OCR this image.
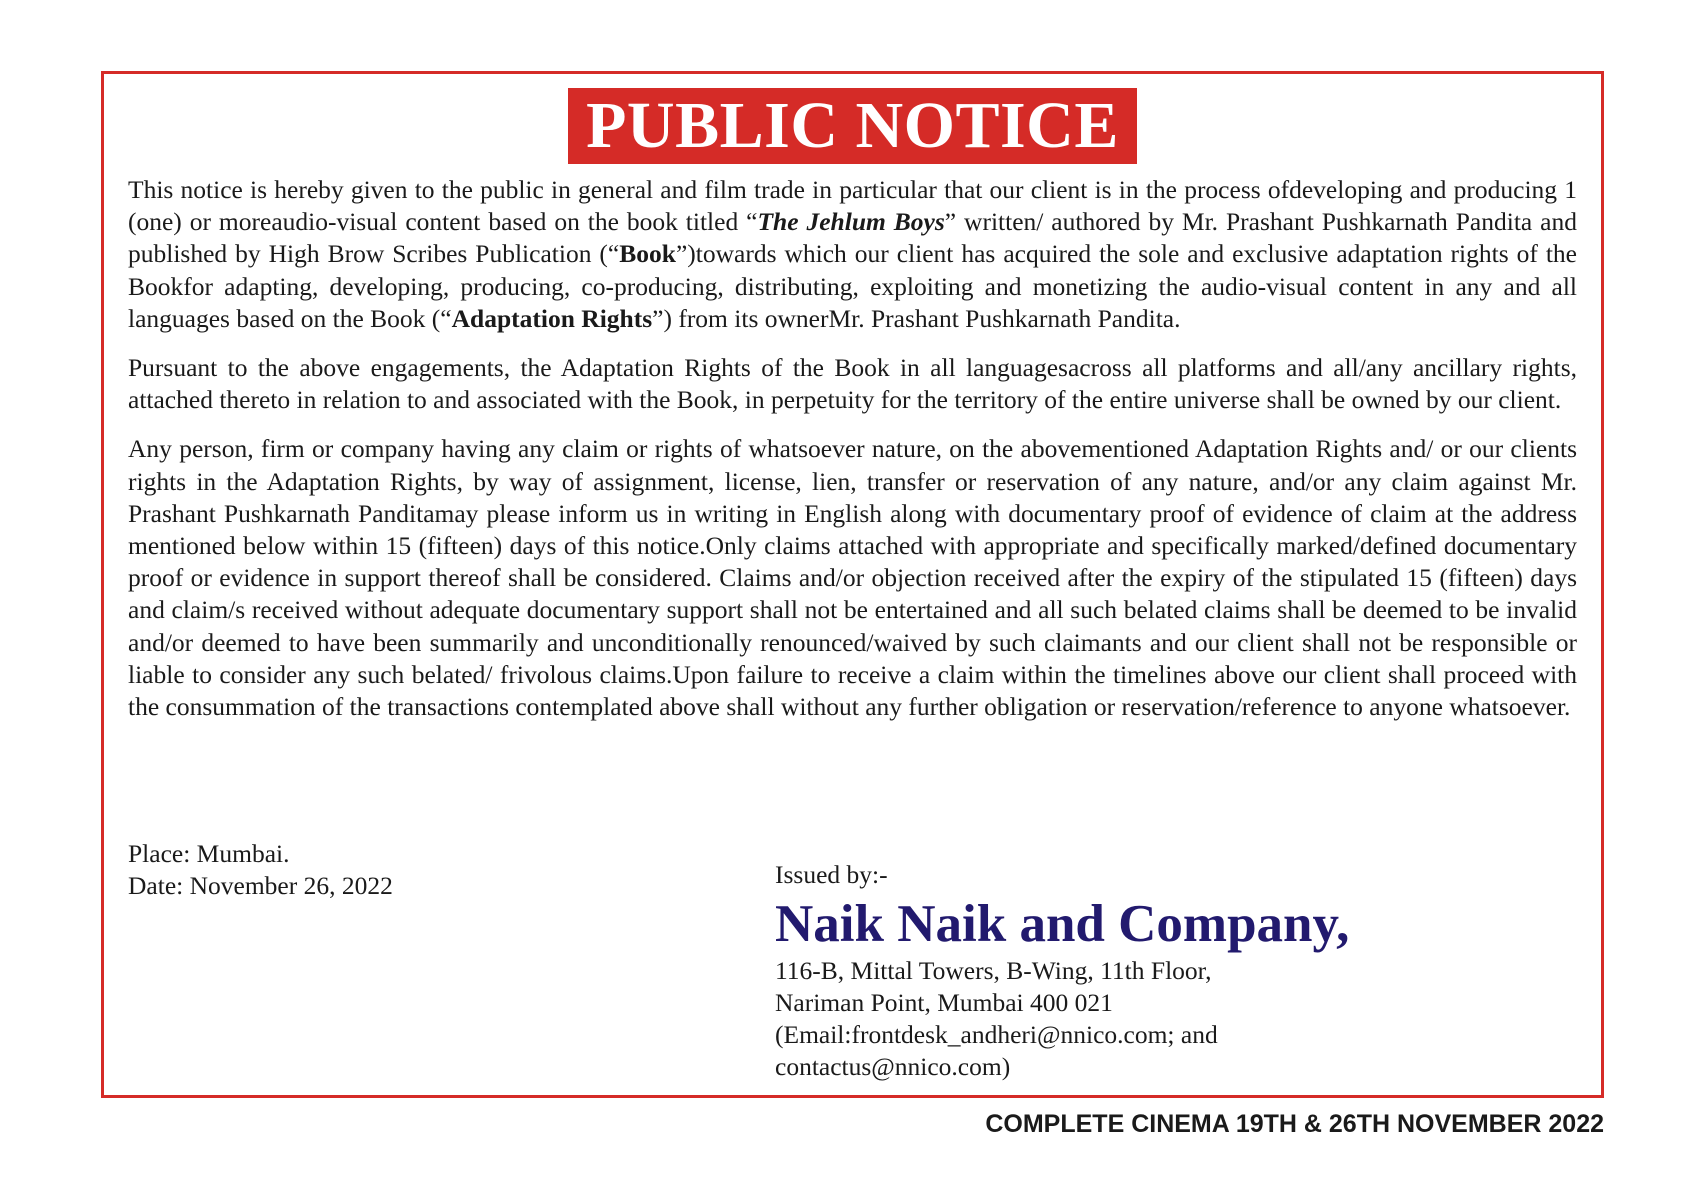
PUBLIC NOTICE

This notice is hereby given to the public in general and film trade in particular that our client is in the process ofdeveloping and producing 1 (one) or moreaudio-visual content based on the book titled “The Jehlum Boys” written/ authored by Mr. Prashant Pushkarnath Pandita and published by High Brow Scribes Publication (“Book”)towards which our client has acquired the sole and exclusive adaptation rights of the Bookfor adapting, developing, producing, co-producing, distributing, exploiting and monetizing the audio-visual content in any and all languages based on the Book (“Adaptation Rights”) from its ownerMr. Prashant Pushkarnath Pandita.

Pursuant to the above engagements, the Adaptation Rights of the Book in all languagesacross all platforms and all/any ancillary rights, attached thereto in relation to and associated with the Book, in perpetuity for the territory of the entire universe shall be owned by our client.

Any person, firm or company having any claim or rights of whatsoever nature, on the abovementioned Adaptation Rights and/ or our clients rights in the Adaptation Rights, by way of assignment, license, lien, transfer or reservation of any nature, and/or any claim against Mr. Prashant Pushkarnath Panditamay please inform us in writing in English along with documentary proof of evidence of claim at the address mentioned below within 15 (fifteen) days of this notice.Only claims attached with appropriate and specifically marked/defined documentary proof or evidence in support thereof shall be considered. Claims and/or objection received after the expiry of the stipulated 15 (fifteen) days and claim/s received without adequate documentary support shall not be entertained and all such belated claims shall be deemed to be invalid and/or deemed to have been summarily and unconditionally renounced/waived by such claimants and our client shall not be responsible or liable to consider any such belated/ frivolous claims.Upon failure to receive a claim within the timelines above our client shall proceed with the consummation of the transactions contemplated above shall without any further obligation or reservation/reference to anyone whatsoever.

Place: Mumbai.
Date: November 26, 2022	Issued by:-
Naik Naik and Company,
116-B, Mittal Towers, B-Wing, 11th Floor,
Nariman Point, Mumbai 400 021
(Email:frontdesk_andheri@nnico.com; and
contactus@nnico.com)
COMPLETE CINEMA 19TH & 26TH NOVEMBER 2022
